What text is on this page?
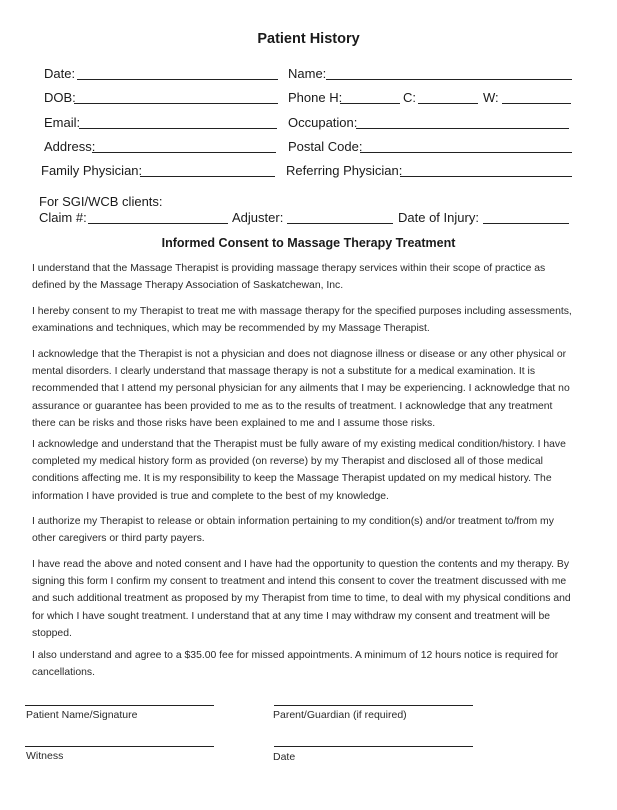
Patient History
Date:	Name:
DOB:	Phone H:	C:	W:
Email:	Occupation:
Address:	Postal Code:
Family Physician:	Referring Physician:
For SGI/WCB clients:
Claim #:	Adjuster:	Date of Injury:
Informed Consent to Massage Therapy Treatment
I understand that the Massage Therapist is providing massage therapy services within their scope of practice as defined by the Massage Therapy Association of Saskatchewan, Inc.
I hereby consent to my Therapist to treat me with massage therapy for the specified purposes including assessments, examinations and techniques, which may be recommended by my Massage Therapist.
I acknowledge that the Therapist is not a physician and does not diagnose illness or disease or any other physical or mental disorders. I clearly understand that massage therapy is not a substitute for a medical examination. It is recommended that I attend my personal physician for any ailments that I may be experiencing. I acknowledge that no assurance or guarantee has been provided to me as to the results of treatment. I acknowledge that any treatment there can be risks and those risks have been explained to me and I assume those risks.
I acknowledge and understand that the Therapist must be fully aware of my existing medical condition/history. I have completed my medical history form as provided (on reverse) by my Therapist and disclosed all of those medical conditions affecting me. It is my responsibility to keep the Massage Therapist updated on my medical history. The information I have provided is true and complete to the best of my knowledge.
I authorize my Therapist to release or obtain information pertaining to my condition(s) and/or treatment to/from my other caregivers or third party payers.
I have read the above and noted consent and I have had the opportunity to question the contents and my therapy. By signing this form I confirm my consent to treatment and intend this consent to cover the treatment discussed with me and such additional treatment as proposed by my Therapist from time to time, to deal with my physical conditions and for which I have sought treatment. I understand that at any time I may withdraw my consent and treatment will be stopped.
I also understand and agree to a $35.00 fee for missed appointments. A minimum of 12 hours notice is required for cancellations.
Patient Name/Signature	Parent/Guardian (if required)
Witness	Date
